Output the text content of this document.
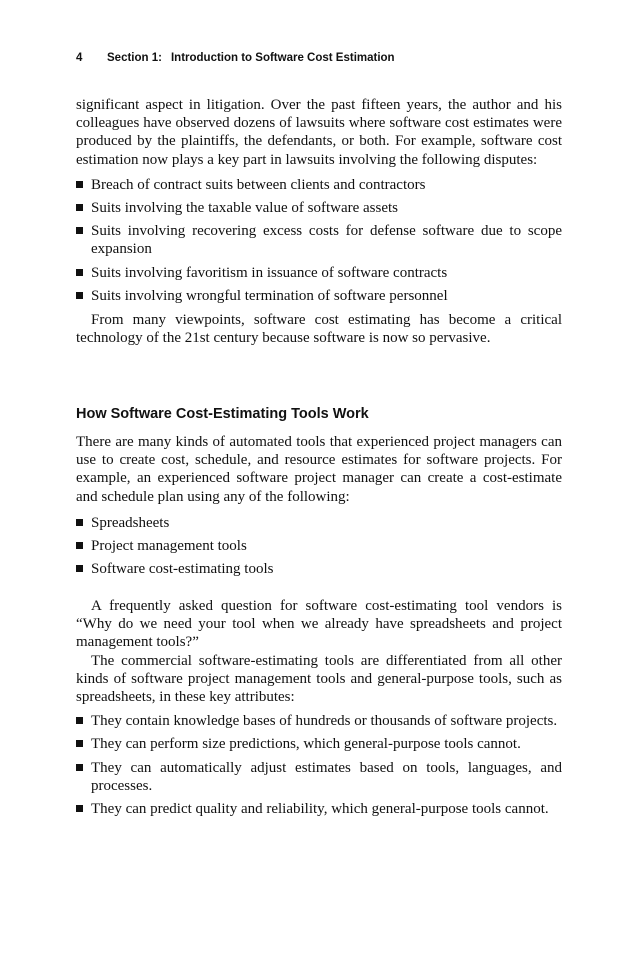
4 Section 1: Introduction to Software Cost Estimation

significant aspect in litigation. Over the past fifteen years, the author and his colleagues have observed dozens of lawsuits where software cost estimates were produced by the plaintiffs, the defendants, or both. For example, software cost estimation now plays a key part in lawsuits involving the following disputes:

Breach of contract suits between clients and contractors
Suits involving the taxable value of software assets
Suits involving recovering excess costs for defense software due to scope expansion
Suits involving favoritism in issuance of software contracts
Suits involving wrongful termination of software personnel

From many viewpoints, software cost estimating has become a critical technology of the 21st century because software is now so pervasive.

How Software Cost-Estimating Tools Work

There are many kinds of automated tools that experienced project managers can use to create cost, schedule, and resource estimates for software projects. For example, an experienced software project manager can create a cost-estimate and schedule plan using any of the following:

Spreadsheets
Project management tools
Software cost-estimating tools

A frequently asked question for software cost-estimating tool vendors is “Why do we need your tool when we already have spreadsheets and project management tools?”

The commercial software-estimating tools are differentiated from all other kinds of software project management tools and general-purpose tools, such as spreadsheets, in these key attributes:

They contain knowledge bases of hundreds or thousands of software projects.
They can perform size predictions, which general-purpose tools cannot.
They can automatically adjust estimates based on tools, languages, and processes.
They can predict quality and reliability, which general-purpose tools cannot.
